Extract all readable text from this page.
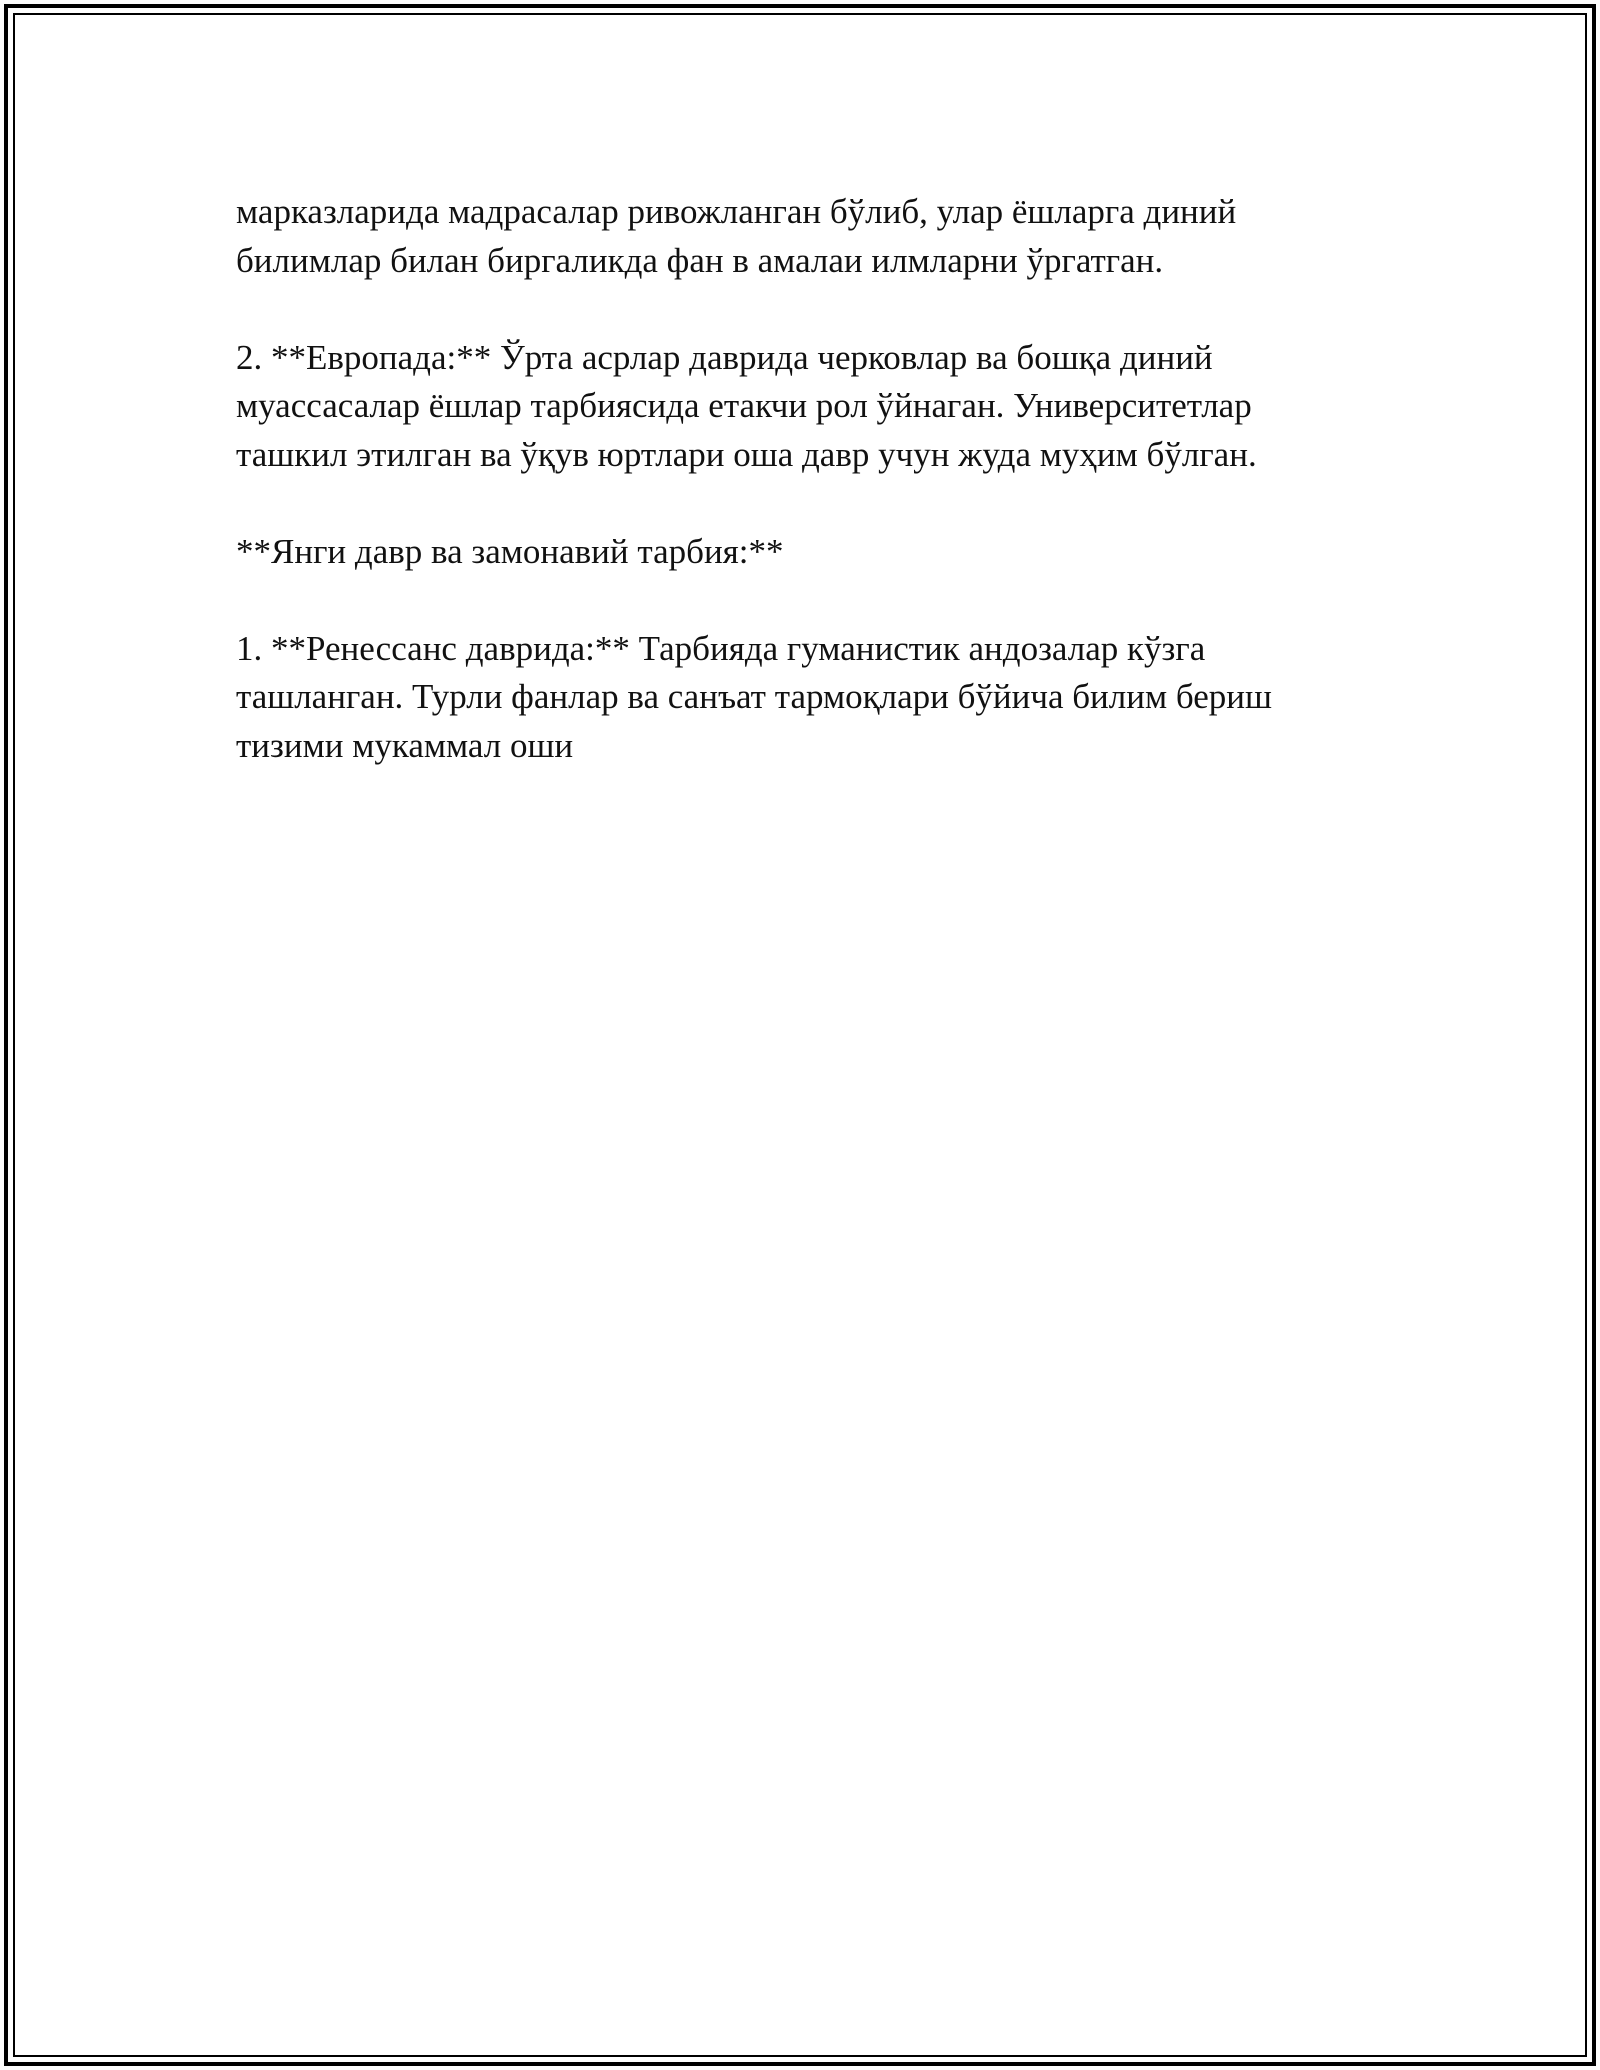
марказларида мадрасалар ривожланган бўлиб, улар ёшларга диний
билимлар билан биргаликда фан в амалаи илмларни ўргатган.

2. **Европада:** Ўрта асрлар даврида черковлар ва бошқа диний
муассасалар ёшлар тарбиясида етакчи рол ўйнаган. Университетлар
ташкил этилган ва ўқув юртлари оша давр учун жуда муҳим бўлган.

**Янги давр ва замонавий тарбия:**

1. **Ренессанс даврида:** Тарбияда гуманистик андозалар кўзга
ташланган. Турли фанлар ва санъат тармоқлари бўйича билим бериш
тизими мукаммал оши
